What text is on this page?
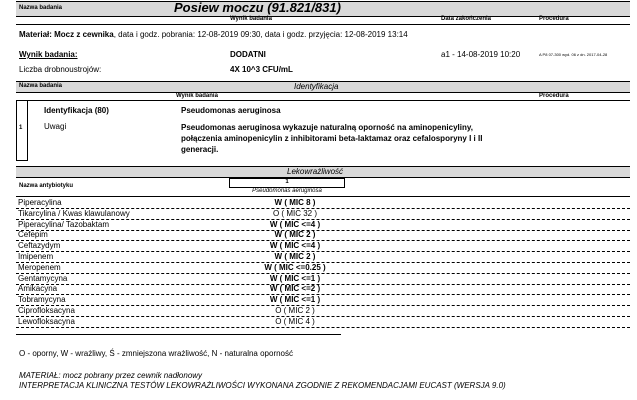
Nazwa badania	Posiew moczu (91.821/831)
Wynik badania	Data zakończenia	Procedura
Materiał: Mocz z cewnika, data i godz. pobrania: 12-08-2019 09:30, data i godz. przyjęcia: 12-08-2019 13:14
Wynik badania:	DODATNI	a1 - 14-08-2019 10:20	A P8 07-300 wyd. 06 z dn. 2017-04-28
Liczba drobnoustrojów:	4X 10^3 CFU/mL
Nazwa badania	Identyfikacja
Wynik badania	Procedura
1
Identyfikacja (80)	Pseudomonas aeruginosa
Uwagi	Pseudomonas aeruginosa wykazuje naturalną oporność na aminopenicyliny,
połączenia aminopenicylin z inhibitorami beta-laktamaz oraz cefalosporyny I i II
generacji.
Lekowrażliwość
Nazwa antybiotyku
1
Pseudomonas aeruginosa
Piperacylina	W ( MIC 8 )
Tikarcylina / Kwas klawulanowy	O ( MIC 32 )
Piperacylina/ Tazobaktam	W ( MIC <=4 )
Cefepim	W ( MIC 2 )
Ceftazydym	W ( MIC <=4 )
Imipenem	W ( MIC 2 )
Meropenem	W ( MIC <=0.25 )
Gentamycyna	W ( MIC <=1 )
Amikacyna	W ( MIC <=2 )
Tobramycyna	W ( MIC <=1 )
Ciprofloksacyna	O ( MIC 2 )
Lewofloksacyna	O ( MIC 4 )
O - oporny, W - wrażliwy, Ś - zmniejszona wrażliwość, N - naturalna oporność
MATERIAŁ: mocz pobrany przez cewnik nadłonowy
INTERPRETACJA KLINICZNA TESTÓW LEKOWRAŻLIWOŚCI WYKONANA ZGODNIE Z REKOMENDACJAMI EUCAST (WERSJA 9.0)
